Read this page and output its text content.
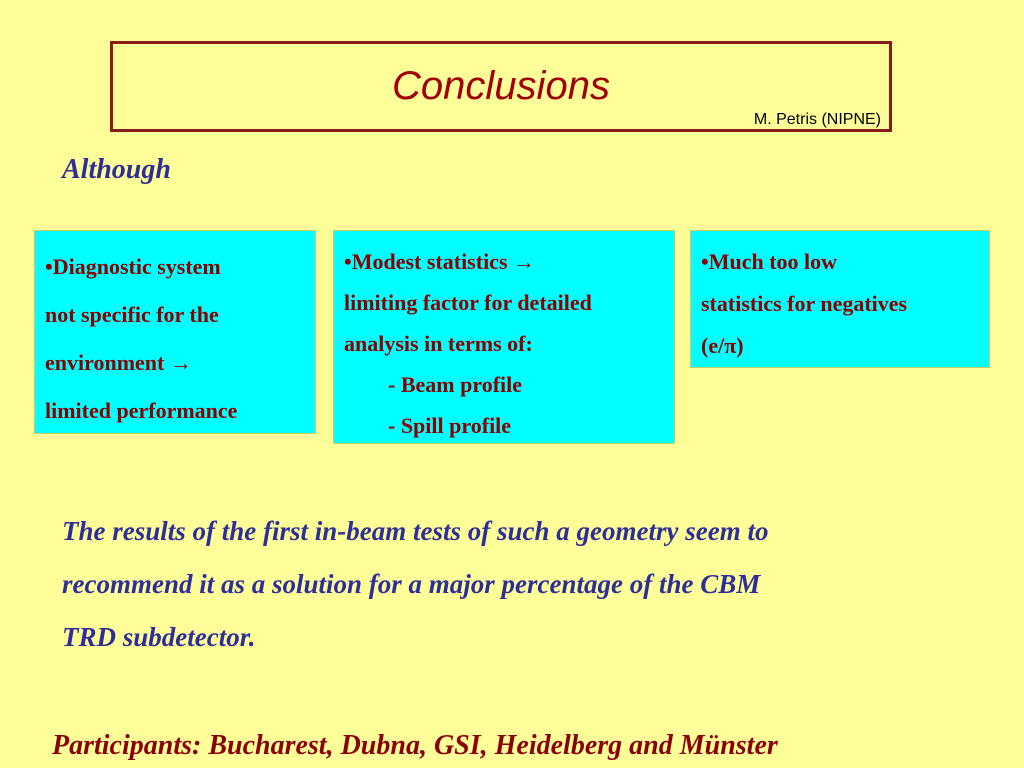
Conclusions
M. Petris (NIPNE)
Although
•Diagnostic system
not specific for the
environment →
limited performance
•Modest statistics →
limiting factor for detailed
analysis in terms of:
- Beam profile
- Spill profile
•Much too low
statistics for negatives
(e/π)
The results of the first in-beam tests of such a geometry seem to
recommend it as a solution for a major percentage of the CBM
TRD subdetector.
Participants: Bucharest, Dubna, GSI, Heidelberg and Münster
